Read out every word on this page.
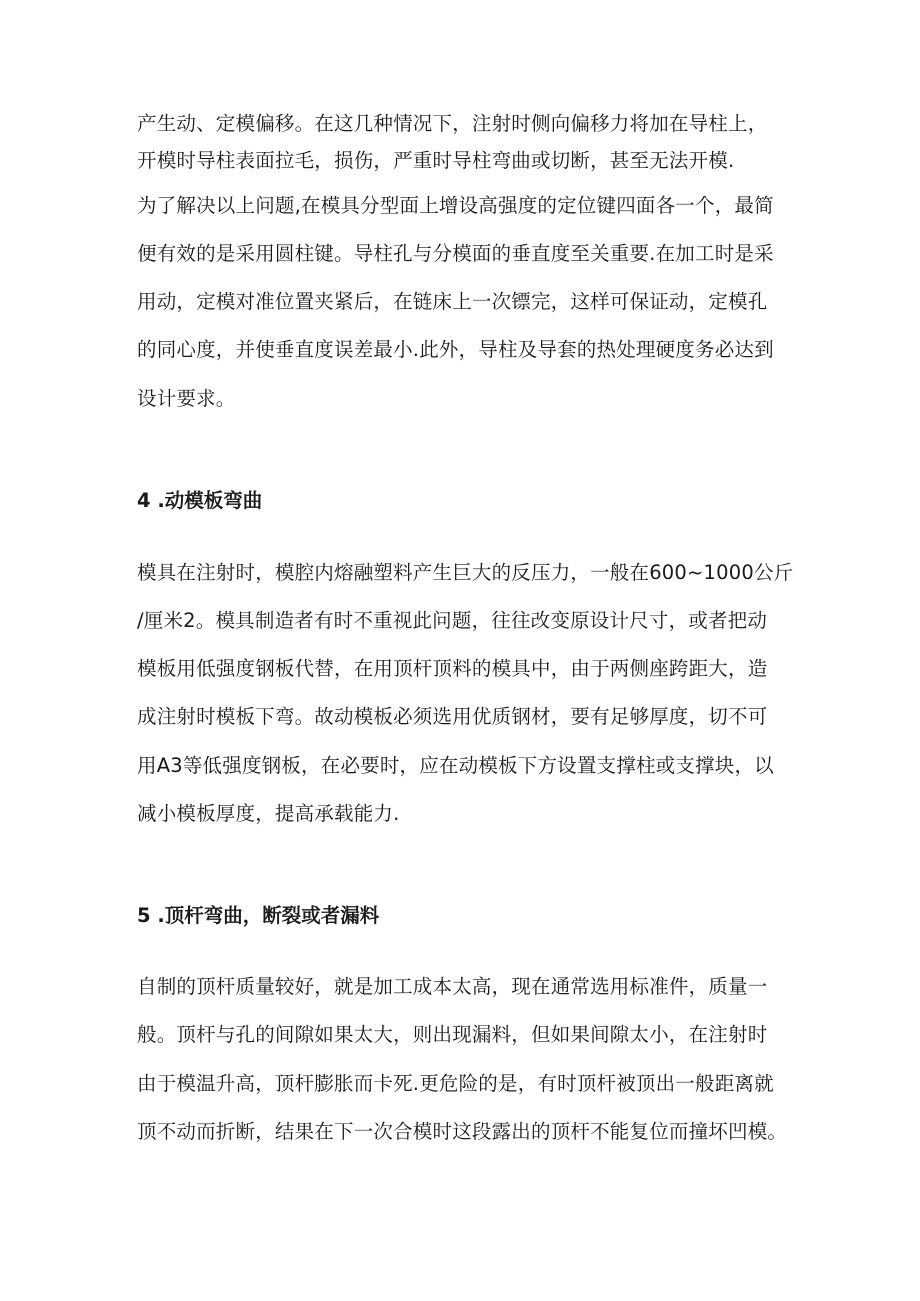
产生动、定模偏移。在这几种情况下，注射时侧向偏移力将加在导柱上，
开模时导柱表面拉毛，损伤，严重时导柱弯曲或切断，甚至无法开模.
为了解决以上问题,在模具分型面上增设高强度的定位键四面各一个，最简
便有效的是采用圆柱键。导柱孔与分模面的垂直度至关重要.在加工时是采
用动，定模对准位置夹紧后，在链床上一次镖完，这样可保证动，定模孔
的同心度，并使垂直度误差最小.此外，导柱及导套的热处理硬度务必达到
设计要求。
4 .动模板弯曲
模具在注射时，模腔内熔融塑料产生巨大的反压力，一般在600~1000公斤
/厘米2。模具制造者有时不重视此问题，往往改变原设计尺寸，或者把动
模板用低强度钢板代替，在用顶杆顶料的模具中，由于两侧座跨距大，造
成注射时模板下弯。故动模板必须选用优质钢材，要有足够厚度，切不可
用A3等低强度钢板，在必要时，应在动模板下方设置支撑柱或支撑块，以
减小模板厚度，提高承载能力.
5 .顶杆弯曲，断裂或者漏料
自制的顶杆质量较好，就是加工成本太高，现在通常选用标准件，质量一
般。顶杆与孔的间隙如果太大，则出现漏料，但如果间隙太小，在注射时
由于模温升高，顶杆膨胀而卡死.更危险的是，有时顶杆被顶出一般距离就
顶不动而折断，结果在下一次合模时这段露出的顶杆不能复位而撞坏凹模。
